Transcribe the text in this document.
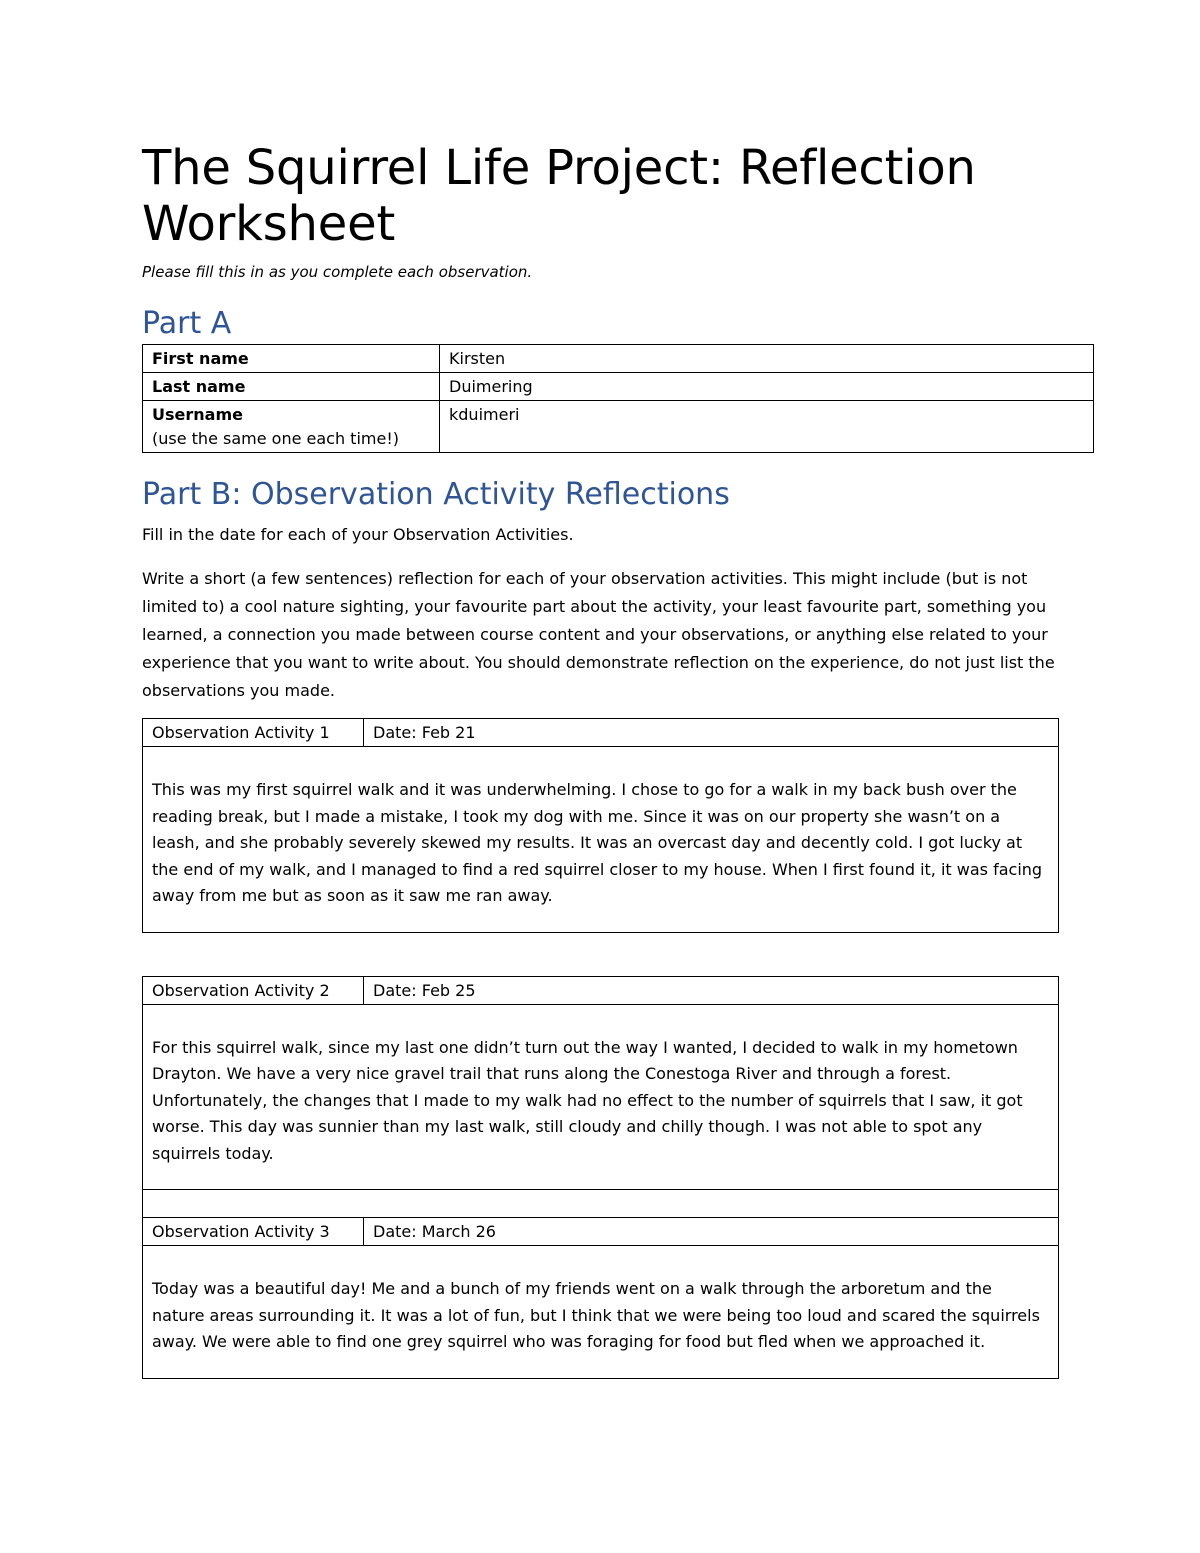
The Squirrel Life Project: Reflection Worksheet

Please fill this in as you complete each observation.

Part A
First name	Kirsten
Last name	Duimering
Username
(use the same one each time!)	kduimeri
Part B: Observation Activity Reflections

Fill in the date for each of your Observation Activities.

Write a short (a few sentences) reflection for each of your observation activities. This might include (but is not limited to) a cool nature sighting, your favourite part about the activity, your least favourite part, something you learned, a connection you made between course content and your observations, or anything else related to your experience that you want to write about. You should demonstrate reflection on the experience, do not just list the observations you made.

Observation Activity 1	Date: Feb 21
This was my first squirrel walk and it was underwhelming. I chose to go for a walk in my back bush over the reading break, but I made a mistake, I took my dog with me. Since it was on our property she wasn’t on a leash, and she probably severely skewed my results. It was an overcast day and decently cold. I got lucky at the end of my walk, and I managed to find a red squirrel closer to my house. When I first found it, it was facing away from me but as soon as it saw me ran away.
Observation Activity 2	Date: Feb 25
For this squirrel walk, since my last one didn’t turn out the way I wanted, I decided to walk in my hometown Drayton. We have a very nice gravel trail that runs along the Conestoga River and through a forest. Unfortunately, the changes that I made to my walk had no effect to the number of squirrels that I saw, it got worse. This day was sunnier than my last walk, still cloudy and chilly though. I was not able to spot any squirrels today.	

Observation Activity 3	Date: March 26
Today was a beautiful day! Me and a bunch of my friends went on a walk through the arboretum and the nature areas surrounding it. It was a lot of fun, but I think that we were being too loud and scared the squirrels away. We were able to find one grey squirrel who was foraging for food but fled when we approached it.	
